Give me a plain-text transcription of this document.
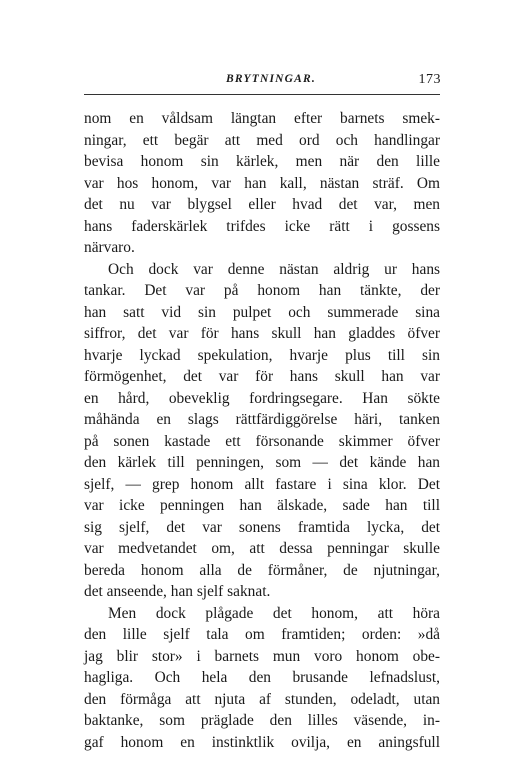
BRYTNINGAR.	173
nom en våldsam längtan efter barnets smek-
ningar, ett begär att med ord och handlingar
bevisa honom sin kärlek, men när den lille
var hos honom, var han kall, nästan sträf. Om
det nu var blygsel eller hvad det var, men
hans faderskärlek trifdes icke rätt i gossens
närvaro.
Och dock var denne nästan aldrig ur hans
tankar. Det var på honom han tänkte, der
han satt vid sin pulpet och summerade sina
siffror, det var för hans skull han gladdes öfver
hvarje lyckad spekulation, hvarje plus till sin
förmögenhet, det var för hans skull han var
en hård, obeveklig fordringsegare. Han sökte
måhända en slags rättfärdiggörelse häri, tanken
på sonen kastade ett försonande skimmer öfver
den kärlek till penningen, som — det kände han
sjelf, — grep honom allt fastare i sina klor. Det
var icke penningen han älskade, sade han till
sig sjelf, det var sonens framtida lycka, det
var medvetandet om, att dessa penningar skulle
bereda honom alla de förmåner, de njutningar,
det anseende, han sjelf saknat.
Men dock plågade det honom, att höra
den lille sjelf tala om framtiden; orden: »då
jag blir stor» i barnets mun voro honom obe-
hagliga. Och hela den brusande lefnadslust,
den förmåga att njuta af stunden, odeladt, utan
baktanke, som präglade den lilles väsende, in-
gaf honom en instinktlik ovilja, en aningsfull
